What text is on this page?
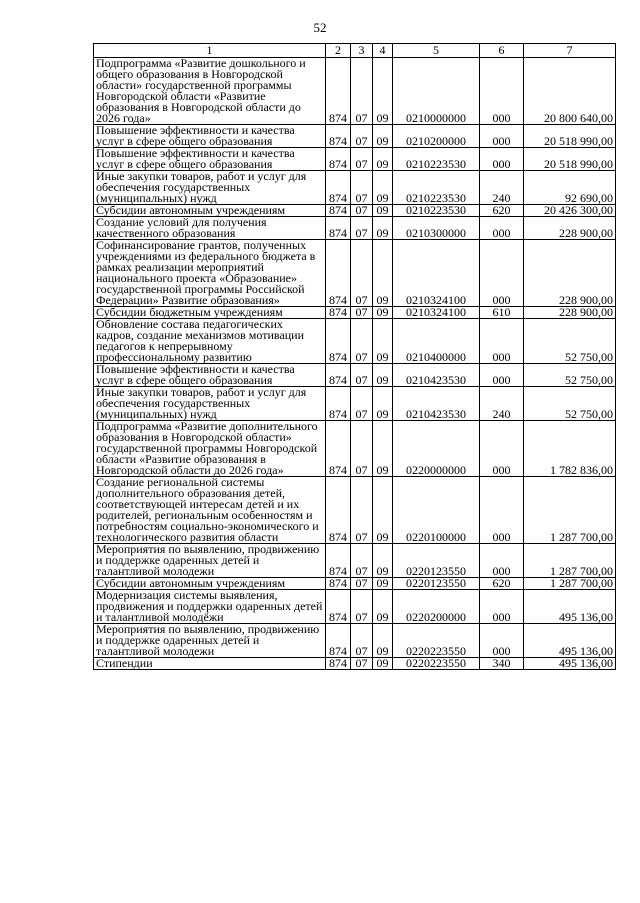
52
1	2	3	4	5	6	7
Подпрограмма «Развитие дошкольного и общего образования в Новгородской области» государственной программы Новгородской области «Развитие образования в Новгородской области до 2026 года»	874	07	09	0210000000	000	20 800 640,00
Повышение эффективности и качества услуг в сфере общего образования	874	07	09	0210200000	000	20 518 990,00
Повышение эффективности и качества услуг в сфере общего образования	874	07	09	0210223530	000	20 518 990,00
Иные закупки товаров, работ и услуг для обеспечения государственных (муниципальных) нужд	874	07	09	0210223530	240	92 690,00
Субсидии автономным учреждениям	874	07	09	0210223530	620	20 426 300,00
Создание условий для получения качественного образования	874	07	09	0210300000	000	228 900,00
Софинансирование грантов, полученных учреждениями из федерального бюджета в рамках реализации мероприятий национального проекта «Образование» государственной программы Российской Федерации» Развитие образования»	874	07	09	0210324100	000	228 900,00
Субсидии бюджетным учреждениям	874	07	09	0210324100	610	228 900,00
Обновление состава педагогических кадров, создание механизмов мотивации педагогов к непрерывному профессиональному развитию	874	07	09	0210400000	000	52 750,00
Повышение эффективности и качества услуг в сфере общего образования	874	07	09	0210423530	000	52 750,00
Иные закупки товаров, работ и услуг для обеспечения государственных (муниципальных) нужд	874	07	09	0210423530	240	52 750,00
Подпрограмма «Развитие дополнительного образования в Новгородской области» государственной программы Новгородской области «Развитие образования в Новгородской области до 2026 года»	874	07	09	0220000000	000	1 782 836,00
Создание региональной системы дополнительного образования детей, соответствующей интересам детей и их родителей, региональным особенностям и потребностям социально-экономического и технологического развития области	874	07	09	0220100000	000	1 287 700,00
Мероприятия по выявлению, продвижению и поддержке одаренных детей и талантливой молодежи	874	07	09	0220123550	000	1 287 700,00
Субсидии автономным учреждениям	874	07	09	0220123550	620	1 287 700,00
Модернизация системы выявления, продвижения и поддержки одаренных детей и талантливой молодёжи	874	07	09	0220200000	000	495 136,00
Мероприятия по выявлению, продвижению и поддержке одаренных детей и талантливой молодежи	874	07	09	0220223550	000	495 136,00
Стипендии	874	07	09	0220223550	340	495 136,00
